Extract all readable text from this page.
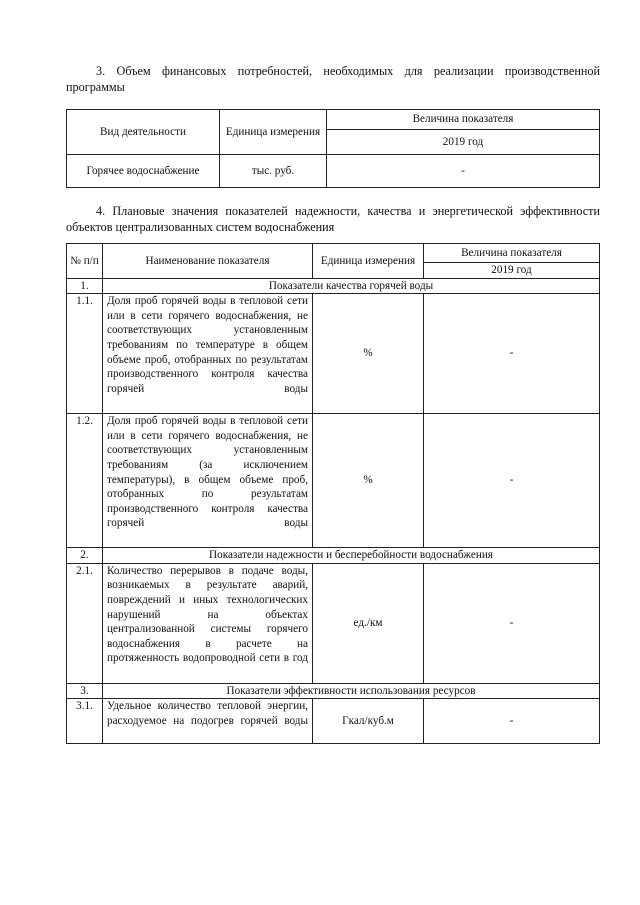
3. Объем финансовых потребностей, необходимых для реализации производственной программы

Вид деятельности	Единица измерения	Величина показателя
		2019 год
Горячее водоснабжение	тыс. руб.	-

4. Плановые значения показателей надежности, качества и энергетической эффективности объектов централизованных систем водоснабжения

№ п/п	Наименование показателя	Единица измерения	Величина показателя
			2019 год
1.	Показатели качества горячей воды		
1.1.	Доля проб горячей воды в тепловой сети или в сети горячего водоснабжения, не соответствующих установленным требованиям по температуре в общем объеме проб, отобранных по результатам производственного контроля качества горячей воды	%	-
1.2.	Доля проб горячей воды в тепловой сети или в сети горячего водоснабжения, не соответствующих установленным требованиям (за исключением температуры), в общем объеме проб, отобранных по результатам производственного контроля качества горячей воды	%	-
2.	Показатели надежности и бесперебойности водоснабжения		
2.1.	Количество перерывов в подаче воды, возникаемых в результате аварий, повреждений и иных технологических нарушений на объектах централизованной системы горячего водоснабжения в расчете на протяженность водопроводной сети в год	ед./км	-
3.	Показатели эффективности использования ресурсов		
3.1.	Удельное количество тепловой энергии, расходуемое на подогрев горячей воды	Гкал/куб.м	-
